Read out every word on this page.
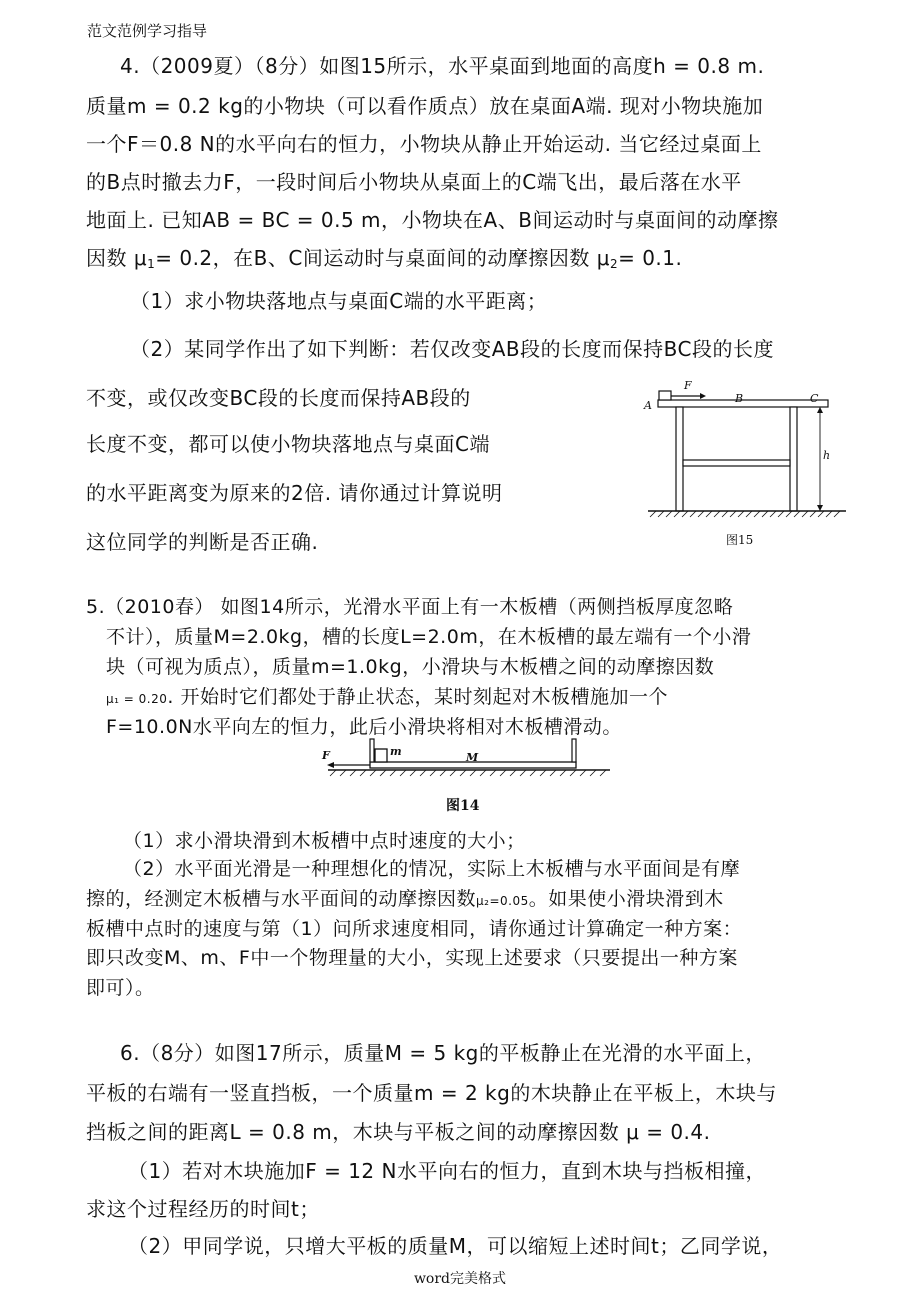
范文范例学习指导
4.（2009夏）（8分）如图15所示，水平桌面到地面的高度h = 0.8 m.
质量m = 0.2 kg的小物块（可以看作质点）放在桌面A端. 现对小物块施加
一个F＝0.8 N的水平向右的恒力，小物块从静止开始运动. 当它经过桌面上
的B点时撤去力F，一段时间后小物块从桌面上的C端飞出，最后落在水平
地面上. 已知AB = BC = 0.5 m，小物块在A、B间运动时与桌面间的动摩擦
因数 $\mu_1= 0.2$，在B、C间运动时与桌面间的动摩擦因数 $\mu_2= 0.1$.
（1）求小物块落地点与桌面C端的水平距离；
（2）某同学作出了如下判断：若仅改变AB段的长度而保持BC段的长度
不变，或仅改变BC段的长度而保持AB段的
长度不变，都可以使小物块落地点与桌面C端
的水平距离变为原来的2倍. 请你通过计算说明
这位同学的判断是否正确.
A
F
B	C
h
图15
5.（2010春） 如图14所示，光滑水平面上有一木板槽（两侧挡板厚度忽略
不计），质量M=2.0kg，槽的长度L=2.0m，在木板槽的最左端有一个小滑
块（可视为质点），质量m=1.0kg，小滑块与木板槽之间的动摩擦因数
μ₁ = 0.20. 开始时它们都处于静止状态，某时刻起对木板槽施加一个
F=10.0N水平向左的恒力，此后小滑块将相对木板槽滑动。
F	m	M
图14
（1）求小滑块滑到木板槽中点时速度的大小；
（2）水平面光滑是一种理想化的情况，实际上木板槽与水平面间是有摩
擦的，经测定木板槽与水平面间的动摩擦因数μ₂=0.05。如果使小滑块滑到木
板槽中点时的速度与第（1）问所求速度相同，请你通过计算确定一种方案：
即只改变M、m、F中一个物理量的大小，实现上述要求（只要提出一种方案
即可）。
6.（8分）如图17所示，质量M = 5 kg的平板静止在光滑的水平面上，
平板的右端有一竖直挡板，一个质量m = 2 kg的木块静止在平板上，木块与
挡板之间的距离L = 0.8 m，木块与平板之间的动摩擦因数 μ = 0.4.
（1）若对木块施加F = 12 N水平向右的恒力，直到木块与挡板相撞，
求这个过程经历的时间t；
（2）甲同学说，只增大平板的质量M，可以缩短上述时间t；乙同学说，
word完美格式
